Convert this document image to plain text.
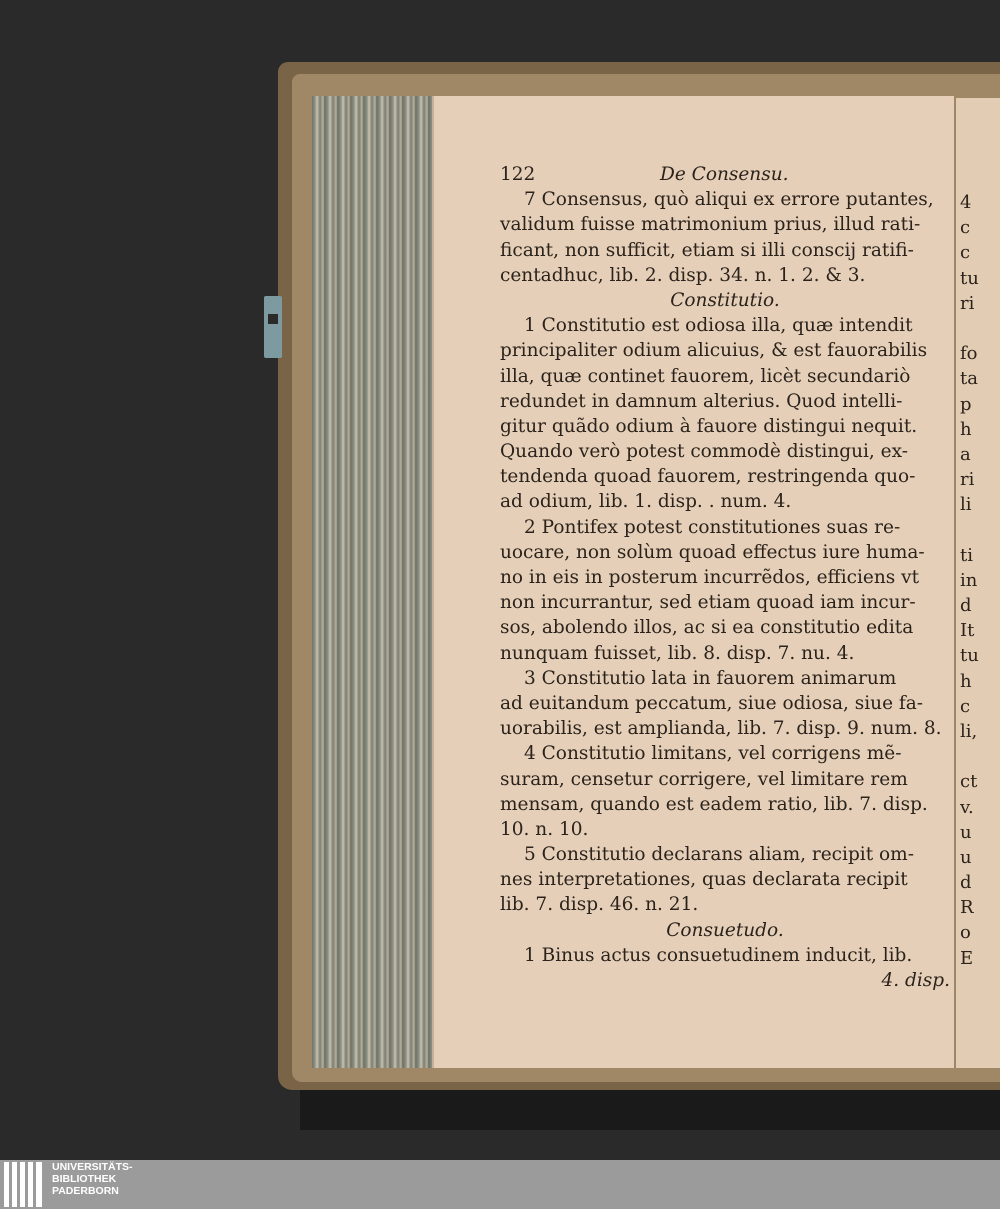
4
c
c
tu
ri
fo
ta
p
h
a
ri
li
ti
in
d
It
tu
h
c
li,
ct
v.
u
u
d
R
o
E
122	De Consensu.
7 Consensus, quò aliqui ex errore putantes,
validum fuisse matrimonium prius, illud rati-
ficant, non sufficit, etiam si illi conscij ratifi-
centadhuc, lib. 2. disp. 34. n. 1. 2. & 3.
Constitutio.
1 Constitutio est odiosa illa, quæ intendit
principaliter odium alicuius, & est fauorabilis
illa, quæ continet fauorem, licèt secundariò
redundet in damnum alterius. Quod intelli-
gitur quãdo odium à fauore distingui nequit.
Quando verò potest commodè distingui, ex-
tendenda quoad fauorem, restringenda quo-
ad odium, lib. 1. disp. . num. 4.
2 Pontifex potest constitutiones suas re-
uocare, non solùm quoad effectus iure huma-
no in eis in posterum incurrẽdos, efficiens vt
non incurrantur, sed etiam quoad iam incur-
sos, abolendo illos, ac si ea constitutio edita
nunquam fuisset, lib. 8. disp. 7. nu. 4.
3 Constitutio lata in fauorem animarum
ad euitandum peccatum, siue odiosa, siue fa-
uorabilis, est amplianda, lib. 7. disp. 9. num. 8.
4 Constitutio limitans, vel corrigens mẽ-
suram, censetur corrigere, vel limitare rem
mensam, quando est eadem ratio, lib. 7. disp.
10. n. 10.
5 Constitutio declarans aliam, recipit om-
nes interpretationes, quas declarata recipit
lib. 7. disp. 46. n. 21.
Consuetudo.
1 Binus actus consuetudinem inducit, lib.
4. disp.
UNIVERSITÄTS-
BIBLIOTHEK
PADERBORN
